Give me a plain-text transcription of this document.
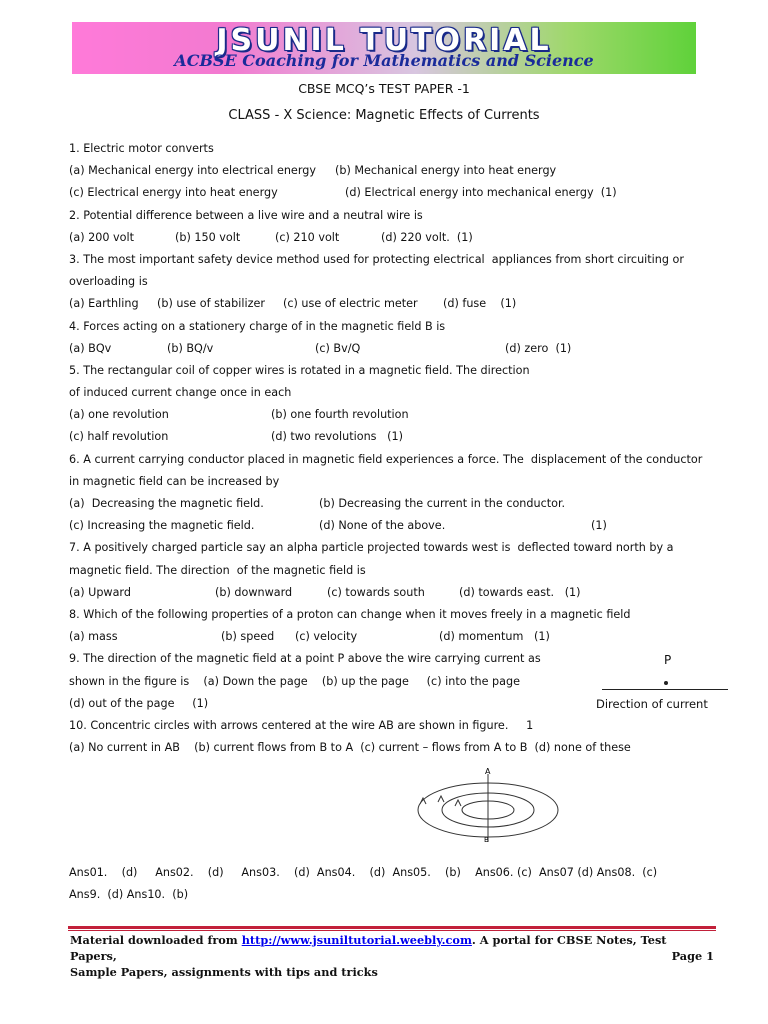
JSUNIL TUTORIAL
ACBSE Coaching for Mathematics and Science
CBSE MCQ’s TEST PAPER -1
CLASS - X Science: Magnetic Effects of Currents
1. Electric motor converts
(a) Mechanical energy into electrical energy (b) Mechanical energy into heat energy
(c) Electrical energy into heat energy	(d) Electrical energy into mechanical energy  (1)
2. Potential difference between a live wire and a neutral wire is
(a) 200 volt	(b) 150 volt	(c) 210 volt	(d) 220 volt.  (1)
3. The most important safety device method used for protecting electrical  appliances from short circuiting or
overloading is
(a) Earthling (b) use of stabilizer (c) use of electric meter (d) fuse    (1)
4. Forces acting on a stationery charge of in the magnetic field B is
(a) BQv	(b) BQ/v	(c) Bv/Q	(d) zero  (1)
5. The rectangular coil of copper wires is rotated in a magnetic field. The direction
of induced current change once in each
(a) one revolution	(b) one fourth revolution
(c) half revolution	(d) two revolutions   (1)
6. A current carrying conductor placed in magnetic field experiences a force. The  displacement of the conductor
in magnetic field can be increased by
(a)  Decreasing the magnetic field.	(b) Decreasing the current in the conductor.
(c) Increasing the magnetic field.	(d) None of the above.	(1)
7. A positively charged particle say an alpha particle projected towards west is  deflected toward north by a
magnetic field. The direction  of the magnetic field is
(a) Upward	(b) downward	(c) towards south	(d) towards east.   (1)
8. Which of the following properties of a proton can change when it moves freely in a magnetic field
(a) mass	(b) speed (c) velocity	(d) momentum   (1)
9. The direction of the magnetic field at a point P above the wire carrying current as
shown in the figure is    (a) Down the page    (b) up the page     (c) into the page
(d) out of the page     (1)
10. Concentric circles with arrows centered at the wire AB are shown in figure.     1
(a) No current in AB    (b) current flows from B to A  (c) current – flows from A to B  (d) none of these
P
Direction of current
A
B
Ans01.    (d)     Ans02.    (d)     Ans03.    (d)  Ans04.    (d)  Ans05.    (b)    Ans06. (c)  Ans07 (d) Ans08.  (c)
Ans9.  (d) Ans10.  (b)
Material downloaded from http://www.jsuniltutorial.weebly.com. A portal for CBSE Notes, Test Papers,
Sample Papers, assignments with tips and tricks
Page 1
